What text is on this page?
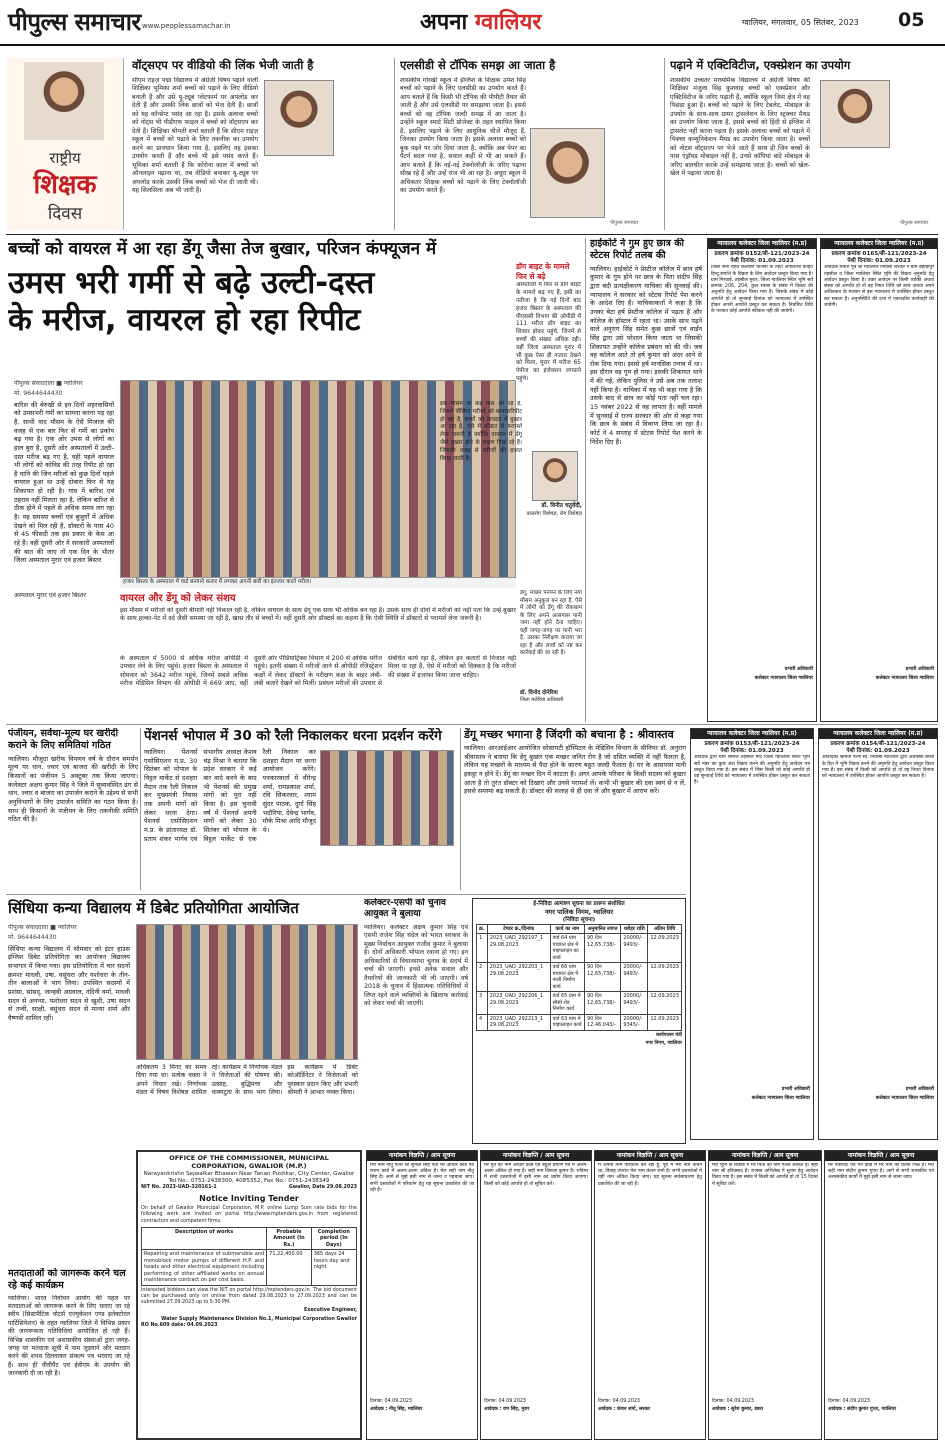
पीपुल्स समाचार www.peoplessamachar.in	अपना ग्वालियर	ग्वालियर, मंगलवार, 05 सितंबर, 2023 05
राष्ट्रीय
शिक्षक
दिवस
वॉट्सएप पर वीडियो की लिंक भेजी जाती है
सीएम राइज़ पद्मा विद्यालय में अंग्रेजी विषय पढ़ाने वाली शिक्षिका भूमिका शर्मा बच्चों को पढ़ाने के लिए वीडियो बनाती हैं और उसे यू-ट्यूब प्लेटफार्म पर अपलोड कर देती हैं और उसकी लिंक छात्रों को भेज देती हैं। छात्रों को यह कॉन्सेप्ट पसंद आ रहा है। इसके अलावा बच्चों को नोट्स भी पीडीएफ फाइल में बच्चों को वॉट्सएप कर देती हैं। शिक्षिका श्रीमती शर्मा बताती हैं कि सीएम राइज़ स्कूल में बच्चों को पढ़ाने के लिए तकनीक का उपयोग करने का प्रावधान किया गया है, इसलिए वह इसका उपयोग करती हैं और बच्चे भी इसे पसंद करते हैं। भूमिका शर्मा बताती हैं कि कोरोना काल में बच्चों को ऑनलाइन पढ़ाना था, तब वीडियो बनाकर यू-ट्यूब पर अपलोड करके उसकी लिंक बच्चों को भेज दी जाती थी। यह सिलसिला अब भी जारी है।
एलसीडी से टॉपिक समझ आ जाता है
शासकीय गोरखी स्कूल में इंग्लिश के शिक्षक उमेश सिंह बच्चों को पढ़ाने के लिए एलसीडी का उपयोग करते हैं। आप बताते हैं कि किसी भी टॉपिक की पीपीटी तैयार की जाती है और उसे एलसीडी पर समझाया जाता है। इससे बच्चों को वह टॉपिक जल्दी समझ में आ जाता है। उन्होंने स्कूल स्मार्ट सिटी प्रोजेक्ट के तहत स्थापित किया है, इसलिए पढ़ाने के लिए आधुनिक चीजें मौजूद हैं, जिनका उपयोग किया जाता है। इसके अलावा बच्चों को बुक पढ़ने पर जोर दिया जाता है, क्योंकि अब पेपर का पैटर्न बदल गया है, सवाल कहीं से भी आ सकते हैं। आप बताते हैं कि नई-नई टेक्नोलॉजी के जरिए पढ़ाना सीख रहे हैं और उन्हें राज भी आ रहा है। अधूरा स्कूल में अधिकतर शिक्षक बच्चों को पढ़ाने के लिए टेक्नोलॉजी का उपयोग करते हैं।
पीपुल्स समाचार
पढ़ाने में एक्टिविटीज, एक्स्प्रेशन का उपयोग
शासकीय उच्चतर माध्यमिक विद्यालय में अंग्रेजी विषय की शिक्षिका मंजुला सिंह कुशवाह बच्चों को एक्स्प्रेशन और एक्टिविटीज के जरिए पढ़ाती हैं, क्योंकि स्कूल जिस क्षेत्र में वह पिछड़ा हुआ है। बच्चों को पढ़ाने के लिए टेबलेट, मोबाइल के उपयोग के साथ-साथ ग्रामर ट्रांसलेशन के लिए स्ट्रक्चर मैथड का उपयोग किया जाता है, इससे बच्चों को हिंदी से इंग्लिश में ट्रांसलेट नहीं करना पड़ता है। इसके अलावा बच्चों को पढ़ाने में पिक्चर कम्युनिकेशन मैथड का उपयोग किया जाता है। बच्चों को नोटस वॉट्सएप पर भेजे जाते हैं साथ ही जिन बच्चों के पास एंड्रॉयड मोबाइल नहीं है, उनसे कॉपियां बांटे मोबाइल के जरिए बातचीत करके उन्हें समझाया जाता है। बच्चों को खेल-खेल में पढ़ाया जाता है।
पीपुल्स समाचार
बच्चों को वायरल में आ रहा डेंगू जैसा तेज बुखार, परिजन कंफ्यूजन में
उमस भरी गर्मी से बढ़े उल्टी-दस्त
के मरीज, वायरल हो रहा रिपीट
पीपुल्स संवाददाता ■ ग्वालियर
मो. 9644644430
बारिश की बेरुखी से इन दिनों शहरवासियों को उमसभरी गर्मी का सामना करना पड़ रहा है, साथी वाद मौसम के ऐसे मिजाज की वजह से एक बार फिर से गर्मी का प्रकोप बढ़ गया है। एक ओर उमस से लोगों का हाल बुरा है, दूसरी ओर अस्पतालों में उल्टी-दस्त मरीज बढ़ गए हैं, वहीं पहले वायरल भी लोगों को कोविड की तरह रिपीट हो रहा है यानि की जिन मरीजों को कुछ दिनों पहले वायरल हुआ था उन्हें दोबारा फिर से यह शिकायत हो रही है। गांव में बारिश एवं ठहराव नहीं मिलता रहा है, लेकिन बारिश से ठीक होने में पहले से अधिक समय लग रहा है। यह समस्या बच्चों एवं बुजुर्गों में अधिक देखने को मिल रही है, डॉक्टरों के पास 40 से 45 फीसदी तक इस प्रकार के केस आ रहे हैं। वहीं दूसरी ओर ये सरकारी अस्पतालों की बात की जाए तो एक दिन के भीतर जिला अस्पताल मुरार एवं हजार बिस्तर
हजार बिस्तर के अस्पताल में वार्ड बनवाने कतार में लगकर अपनी बारी का इंतजार करते मरीज।
डॉग बाइट के मामले फिर से बढ़े
अस्पतालों में फिर से डॉग बाइट के मामले बढ़ गए हैं, इसी का नतीजा है कि गई दिनों बाद हजार बिस्तर के अस्पताल की पीएससी विभाग की ओपीडी में 111 मरीज डॉग बाइट का शिकार होकर पहुंचे, जिनमें से बच्चों की संख्या अधिक रही। वहीं जिला अस्पताल मुरार में भी कुछ ऐसा ही नजारा देखने को मिला, मुरार में मरीज 65 पेपीज का इंजेक्शन लगवाने पहुंचे।
इस मौसम के कई केस आ रहे हैं, जिसमें पीलिया मरीजों को बायरलरिपीट हो रहा है, बच्चों को वायरल में बुखार आ रहा है, ऐसे में डॉक्टर से परामर्श लेना जरूरी है क्योंकि वायरल में डेंगू जैसे बुखार होने के लक्षण दिख रहे हैं। जिसकी वजह से मरीजों की हालत बिगड़ जाती है।
डॉ. विनीत चतुर्वेदी,
बालरोग विशेषज्ञ, रोग विशेषज्ञ
डेंगू, मच्छर पनपने के लिए नया मौसम अनुकूल बन रहा है, ऐसे में लोगों को डेंगू की रोकथाम के लिए अपने आसपास पानी जमा नहीं होने देना चाहिए। वहीं जगह-जगह पर पानी भरा है, उसका निरीक्षण कराया जा रहा है और लार्वा को नष्ट कर कार्रवाई की जा रही है।
डॉ. विनोद दोनेरिया
जिला मलेरिया अधिकारी
वायरल और डेंगू को लेकर संशय
इस मौसम में मरीजों को दूसरी बीमारी नहीं निकाल रही है, लेकिन वायरल के साथ डेंगू एक साथ भी अधिक बन रहा है। उसके साथ ही दोनों में मरीजों को नहीं पता कि उन्हें बुखार के साथ हल्का-पेट में दर्द जैसी समस्या जा रही है, खास तौर से बच्चों में। वहीं दूसरी ओर डॉक्टर्स का कहना है कि ऐसी स्थिति में डॉक्टरों से परामर्श लेना जरूरी है।
के अस्पताल में 5000 से अधिक मरीज ओपीडी में उपचार लेने के लिए पहुंचे। हजार बिस्तर के अस्पताल में सोमवार को 3642 मरीज पहुंचे, जिनमें सबसे अधिक मरीज मेडिसिन विभाग की ओपीडी में 669 आए, वहीं दूसरी ओर पीडियाट्रिक्स विभाग में 200 से अधिक मरीज पहुंचे। इतनी संख्या में मरीजों आने से ओपीडी रजिस्ट्रेशन कक्षों में लेकर डॉक्टरों के परीक्षण कक्ष के बाहर लंबी-लंबी कतारें देखने को मिलीं। प्रबंधन मरीजों की उपचार से संबंधित कार्य रहा है, लेकिन इन कतारों से निजात नहीं मिला पा रहा है, ऐसे में मरीजों को दिक्कत है कि मरीजों की संख्या में इजाफा किया जाना चाहिए।
अस्पताल मुरार एवं हजार बिस्तर
हाईकोर्ट ने गुम हुए छात्र की स्टेटस रिपोर्ट तलब की
ग्वालियर। हाईकोर्ट ने प्रेस्टीज कॉलेज में छात्र हर्ष कुमार के गुम होने पर छात्र के पिता संदीप सिंह द्वारा बंदी प्रत्यक्षीकरण याचिका की सुनवाई की। न्यायालय ने सरकार को स्टेटस रिपोर्ट पेश करने के आदेश दिए हैं। याचिकाकर्ता ने कहा है कि उनका बेटा हर्ष प्रेस्टीज कॉलेज में पढ़ता है और कॉलेज के हॉस्टल में रहता था। उसके साथ पढ़ने वाले अनुराग सिंह समेत कुछ छात्रों एवं वार्डन सिंह द्वारा उसे परेशान किया जाता था जिसकी शिकायत उन्होंने कॉलेज प्रबंधन को की थी। जब वह कॉलेज आते तो हर्ष कुमार को अंदर आने से रोक दिया गया। इससे हर्ष मानसिक तनाव में था। इस दौरान वह गुम हो गया। इसकी शिकायत थाने में की गई, लेकिन पुलिस ने उसे अब तक तलाश नहीं किया है। याचिका में यह भी कहा गया है कि उसके बाद से छात्र का कोई पता नहीं चल रहा। 15 नवंबर 2022 से वह लापता है। वहीं मामले में सुनवाई में राज्य सरकार की ओर से कहा गया कि छात्र के संबंध में विवरण लिया जा रहा है। कोर्ट ने 4 सप्ताह में स्टेटस रिपोर्ट पेश करने के निर्देश दिए हैं।
न्यायालय कलेक्टर जिला ग्वालियर (म.प्र)
प्रकरण क्रमांक 0152/बी-121/2023-24
पेशी दिनांक: 01.09.2023
जिला सेना राहत कल्याण योजना के तहत अपीलार्थी कहित हिन्दू संपत्ति के विक्रय के लिए आवेदन प्रस्तुत किया गया है। ग्राम गिरवाई, तहसील मुरार, जिला ग्वालियर स्थित भूमि सर्वे क्रमांक 206, 204, कुल रकबा के संबंध में विक्रय की अनुमति हेतु आवेदन किया गया है। जिसके संबंध में कोई आपत्ति हो तो सुनवाई दिनांक को न्यायालय में उपस्थित होकर अपनी आपत्ति प्रस्तुत कर सकता है। निर्धारित तिथि के पश्चात कोई आपत्ति स्वीकार नहीं की जावेगी।
प्रभारी अधिकारी
कलेक्टर न्यायालय जिला ग्वालियर
न्यायालय कलेक्टर जिला ग्वालियर (म.प्र)
प्रकरण क्रमांक 0165/बी-121/2023-24
पेशी दिनांक: 01.09.2023
आवेदक राकेश पुत्र श्री ग्वालियर निवासी लश्कर ने ग्राम बहोड़ापुर तहसील व जिला ग्वालियर स्थित भूमि की विक्रय अनुमति हेतु आवेदन प्रस्तुत किया है। उक्त आवेदन पर किसी व्यक्ति अथवा संस्था को आपत्ति हो तो वह नियत तिथि को स्वयं अथवा अपने अधिवक्ता के माध्यम से इस न्यायालय में उपस्थित होकर प्रस्तुत कर सकता है। अनुपस्थिति की दशा में एकपक्षीय कार्यवाही की जावेगी।
प्रभारी अधिकारी
कलेक्टर न्यायालय जिला ग्वालियर
पंजीयन, सर्वथा-मूल्य घर खरीदी कराने के लिए समितियां गठित
ग्वालियर। मौजूदा खरीफ विपणन वर्ष के दौरान समर्थन मूल्य पर धान, ज्वार एवं बाजरा की खरीदी के लिए किसानों का पंजीयन 5 अक्टूबर तक किया जाएगा। कलेक्टर अक्षय कुमार सिंह ने जिले में सुव्यवस्थित ढंग से धान, ज्वार व बाजरा का उपार्जन कराने के उद्देश्य से सभी अनुविभागों के लिए उपार्जन समिति का गठन किया है। साथ ही किसानों के पंजीयन के लिए तकनीकी समिति गठित की है।
पेंशनर्स भोपाल में 30 को रैली निकालकर धरना प्रदर्शन करेंगे
ग्वालियर। पेंशनर्स एसोसिएशन म.प्र. 30 सितंबर को भोपाल के विट्ठल मार्केट से दशहरा मैदान तक रैली निकाल कर मुख्यमंत्री निवास तक अपनी मांगों को लेकर धरना देगा। पेंशनर्स एसोसिएशन म.प्र. के प्रांताध्यक्ष डॉ. प्रताप शंकर भार्गव एवं संभागीय अध्यक्ष केशव चंद्र मिश्रा ने बताया कि प्रदेश सरकार ने कई बार वादे करने के बाद भी पेंशनर्स की प्रमुख मांगों को पूरा नहीं किया है। इस चुनावी वर्ष में पेंशनर्स अपनी मांगों को लेकर 30 सितंबर को भोपाल के विट्ठल मार्केट से एक रैली निकाल कर दशहरा मैदान पर धरना आयोजन करेंगे। पत्रकारवार्ता में वीरेन्द्र शर्मा, रामप्रकाश शर्मा, रवि सिकरवार, श्याम सुंदर पाठक, दुर्गा सिंह भदौरिया, देवेन्द्र भार्गव, मौके मिश्रा आदि मौजूद थे।
डेंगू मच्छर भगाना है जिंदगी को बचाना है : श्रीवास्तव
ग्वालियर। आरआईआर आयोजित सोसायटी हॉस्पिटल के मेडिसिन विभाग के सीनियर डॉ. अनुराग श्रीवास्तव ने बताया कि डेंगू बुखार एक मच्छर जनित रोग है जो ग्रसित व्यक्ति में नहीं फैलता है, लेकिन यह मच्छरों के माध्यम से पैदा होने के कारण बहुत जल्दी फैलता है। घर के आसपास पानी इकट्ठा न होने दें। डेंगू का मच्छर दिन में काटता है। अगर आपके परिवार के किसी सदस्य को बुखार आता है तो तुरंत डॉक्टर को दिखाएं और उनसे परामर्श लें। कभी भी बुखार की दवा स्वयं से न लें, इससे समस्या बढ़ सकती है। डॉक्टर की सलाह से ही दवा लें और बुखार में आराम करें।
न्यायालय कलेक्टर जिला ग्वालियर (म.प्र)
प्रकरण क्रमांक 0153/बी-121/2023-24
पेशी दिनांक: 01.09.2023
आवेदक द्वारा ग्राम सिरोल तहसील गिर्द जिला ग्वालियर स्थित भूमि सर्वे नंबर का कुछ अंश विक्रय करने की अनुमति हेतु आवेदन पत्र प्रस्तुत किया गया है। इस संबंध में जिस किसी को कोई आपत्ति हो वह सुनवाई तिथि को न्यायालय में उपस्थित होकर प्रस्तुत कर सकता है।
प्रभारी अधिकारी
कलेक्टर न्यायालय जिला ग्वालियर
न्यायालय कलेक्टर जिला ग्वालियर (म.प्र)
प्रकरण क्रमांक 0154/बी-121/2023-24
पेशी दिनांक: 01.09.2023
आवेदिका श्रीमती पत्नी स्व. निवासी ग्वालियर द्वारा अवयस्क बच्चों के हित में भूमि विक्रय करने की अनुमति हेतु आवेदन प्रस्तुत किया गया है। इस संबंध में किसी को आपत्ति हो तो वह नियत दिनांक को न्यायालय में उपस्थित होकर आपत्ति प्रस्तुत कर सकता है।
प्रभारी अधिकारी
कलेक्टर न्यायालय जिला ग्वालियर
सिंधिया कन्या विद्यालय में डिबेट प्रतियोगिता आयोजित
पीपुल्स संवाददाता ■ ग्वालियर
मो. 9644644430
सिंधिया कन्या विद्यालय में सोमवार को इंटर हाउस इंग्लिश डिबेट प्रतियोगिता का आयोजन विद्यालय सभागार में किया गया। इस प्रतियोगिता में चार सदनों क्रमशः माधवी, उषा, वसुंधरा और यशोधरा के तीन-तीन बालाओं ने भाग लिया। उपस्थित सदस्यों में प्रशंसा, सांसद्, जान्हवी अग्रवाल, नंदिनी वर्मा, माधवी सदन से अनन्या, यशोधरा सदन से खुशी, उषा सदन से तन्वी, साक्षी, वसुंधरा सदन से मान्या शर्मा और वैष्णवी शामिल रहीं।
अधिकतम 3 मिनट का समय दिया गया था। प्रत्येक वक्ता ने अपने विचार रखे। निर्णायक मंडल में विषय विशेषज्ञ शामिल रहे। कार्यक्रम में निर्णायक मंडल ने विजेताओं की घोषणा की। उत्साह, बुद्धिमत्ता और वाक्पटुता के साथ भाग लिया। इस कार्यक्रम में डिबेट कोऑर्डिनेटर ने विजेताओं को पुरस्कार प्रदान किए और प्रभारी श्रीमती ने आभार व्यक्त किया।
कलेक्टर-एसपी को चुनाव आयुक्त ने बुलाया
ग्वालियर। कलेक्टर अक्षय कुमार सिंह एवं एसपी राजेश सिंह चंदेल को भारत सरकार के मुख्य निर्वाचन आयुक्त राजीव कुमार ने बुलाया है। दोनों अधिकारी भोपाल रवाना हो गए। इन अधिकारियों से विधानसभा चुनाव के संदर्भ में चर्चा की जाएगी। इनसे अनेक सवाल और तैयारियों की जानकारी भी ली जाएगी। वर्ष 2018 के चुनाव में हिंसात्मक गतिविधियों में लिप्त रहने वाले व्यक्तियों के खिलाफ कार्रवाई को लेकर चर्चा की जाएगी।
ई-निविदा आमंत्रण सूचना का प्रारूप संशोधित
नगर पालिक निगम, ग्वालियर
(निविदा सूचना)
क्र.	टेण्डर क्र./दिनांक	कार्य का नाम	अनुमानित लागत	धरोहर राशि	अंतिम तिथि
1	2023_UAD_292197_1 29.08.2023	वार्ड 64 ग्राम पंचायत क्षेत्र में पाइपलाइन का कार्य	90 दिन 12,65,738/-	20000/- 9493/-	12.09.2023
2	2023_UAD_292203_1 29.08.2023	वार्ड 66 ग्राम पंचायत क्षेत्र में नाली निर्माण कार्य	90 दिन 12,65,738/-	20000/- 9493/-	12.09.2023
3	2023_UAD_292206_1 29.08.2023	वार्ड 65 ग्राम में सीसी रोड निर्माण कार्य	90 दिन 12,65,738/-	20000/- 9493/-	12.09.2023
4	2023_UAD_292213_1 29.08.2023	वार्ड 63 ग्राम में पाइपलाइन कार्य	90 दिन 12,46,043/-	20000/- 9345/-	12.09.2023
कार्यपालन यंत्री
नगर निगम, ग्वालियर
मतदाताओं को जागरूक करने चल रहे कई कार्यक्रम
ग्वालियर। भारत निर्वाचन आयोग की पहल पर मतदाताओं को जागरूक करने के लिए चलाए जा रहे स्वीप (सिस्टमैटिक वोटर्स एज्युकेशन एण्ड इलेक्टोरल पार्टिसिपेशन) के तहत ग्वालियर जिले में विभिन्न प्रकार की जागरूकता गतिविधियां आयोजित हो रही हैं। विभिन्न शासकीय एवं अशासकीय संस्थाओं द्वारा जगह-जगह पर मतदाता सूची में नाम जुड़वाने और मतदान करने की शपथ दिलवाकर संकल्प पत्र भरवाए जा रहे हैं। साथ ही वीवीपैट एवं ईवीएम के उपयोग की जानकारी दी जा रही है।
OFFICE OF THE COMMISSIONER, MUNICIPAL CORPORATION, GWALIOR (M.P.)
Narayankrishn Sejwalkar Bhawan Near Tanan Pushkar, City Center, Gwalior
Tel No.: 0751-2438300, 4085352, Fax No.: 0751-2438349
NIT No. 2023-UAD-320161-1	Gwalior, Date 29.08.2023
Notice Inviting Tender
On behalf of Gwalior Municipal Corporation, M.P. online Lump Sum rate bids for the following work are invited on portal http://www.mptenders.gov.in from registered contractors and competent firms.
Description of works	Probable Amount (In Rs.)	Completion period (In Days)
Repairing and maintenance of submersible and monoblock motor pumps of different H.P. and heads and other electrical equipment including performing of other affiliated works on annual maintenance contract on per cost basis.	71,22,400.00	365 days 24 hours day and night
Interested bidders can view the NIT on portal http://mptenders.gov.in. The bid document can be purchased only on online from dated 29.08.2023 to 27.09.2023 and can be submitted 27.09.2023 up to 5:30 PM.
Executive Engineer,
Water Supply Maintenance Division No.1, Municipal Corporation Gwalior
RO No.609 date: 04.09.2023
नामांकन विज्ञप्ति / आम सूचना
मेरा नाम नीतू पत्नी श्री सुनील सिंह पता मेरे आधार कार्ड एवं राशन कार्ड में अलग-अलग अंकित है। मेरा सही नाम नीतू सिंह है। आगे से मुझे इसी नाम से जाना व पहचाना जाए। सभी दस्तावेजों में परिवर्तन हेतु यह सूचना प्रकाशित की जा रही है।
दिनांक: 04.09.2023
आवेदक : नीतू सिंह, ग्वालियर
नामांकन विज्ञप्ति / आम सूचना
मेरे पुत्र का नाम आधार कार्ड एवं स्कूल प्रमाण पत्र में अलग-अलग अंकित हो गया है। सही नाम विकास कुमार है। भविष्य में सभी दस्तावेजों में इसी नाम का प्रयोग किया जाएगा। किसी को कोई आपत्ति हो तो सूचित करें।
दिनांक: 04.09.2023
आवेदक : राम सिंह, मुरार
नामांकन विज्ञप्ति / आम सूचना
मैं अपना नाम परिवर्तन कर रही हूं, पूर्व में मेरा नाम कंचन था, विवाह उपरांत मेरा नाम कंचन शर्मा है। सभी दस्तावेजों में यही नाम अंकित किया जाए। यह सूचना सर्वसाधारण हेतु प्रकाशित की जा रही है।
दिनांक: 04.09.2023
आवेदक : कंचन शर्मा, लश्कर
नामांकन विज्ञप्ति / आम सूचना
मेरी भूमि के रिकॉर्ड में मेरे पिता का नाम गलत अंकित है। सही नाम श्री हरिप्रसाद है। राजस्व अभिलेख में सुधार हेतु आवेदन किया गया है। इस संबंध में किसी को आपत्ति हो तो 15 दिवस में सूचित करें।
दिनांक: 04.09.2023
आवेदक : सुरेश कुमार, डबरा
नामांकन विज्ञप्ति / आम सूचना
मेरे पासपोर्ट एवं पैन कार्ड में मेरे नाम की वर्तनी भिन्न है। मेरा सही नाम संदीप कुमार गुप्ता है। आगे से सभी शासकीय एवं अशासकीय कार्यों में मुझे इसी नाम से जाना जाए।
दिनांक: 04.09.2023
आवेदक : संदीप कुमार गुप्ता, ग्वालियर
